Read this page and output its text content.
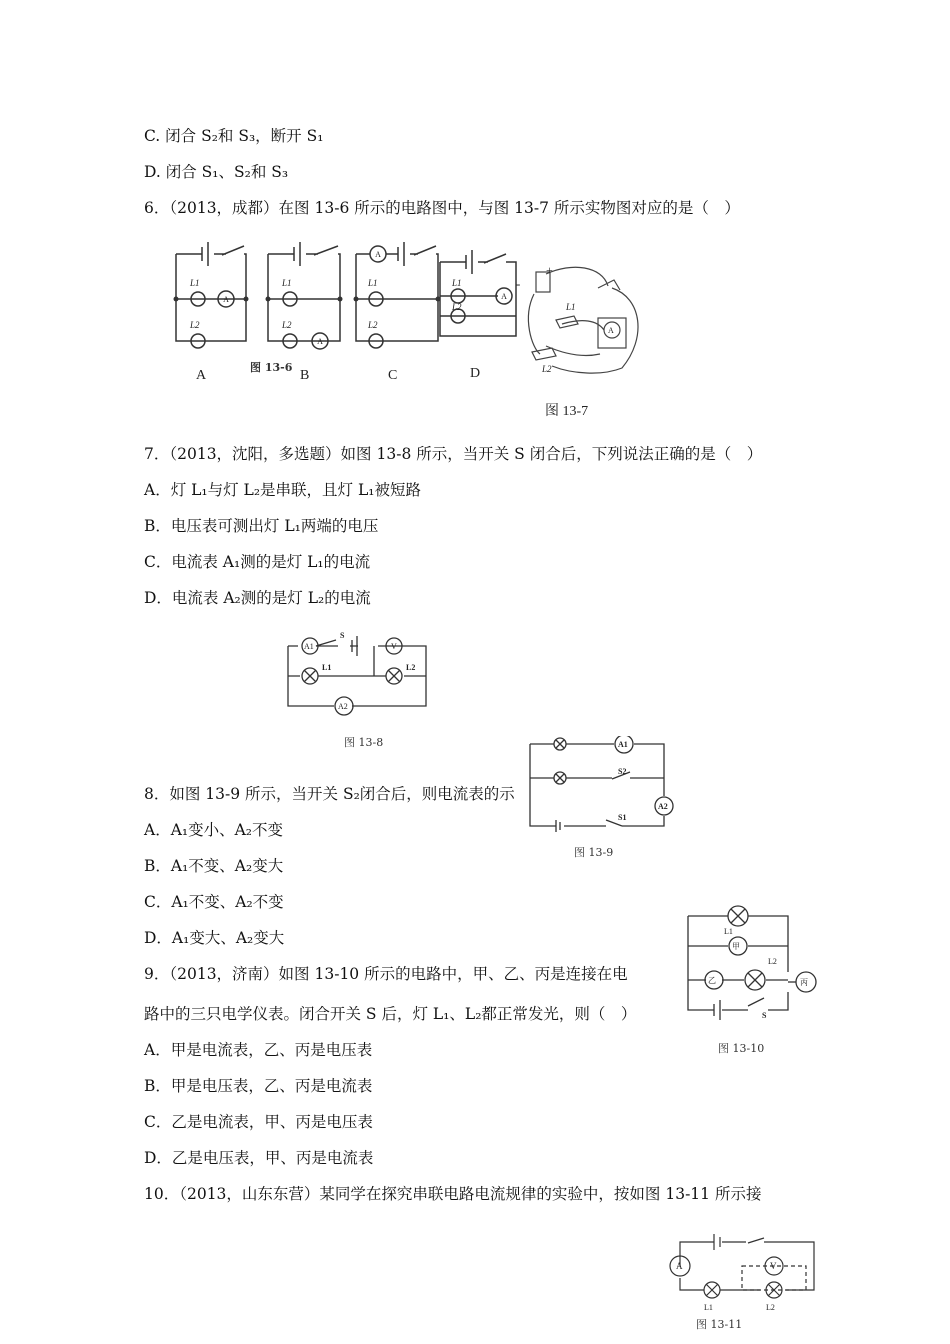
C. 闭合 S₂和 S₃，断开 S₁
D. 闭合 S₁、S₂和 S₃
6．（2013，成都）在图 13-6 所示的电路图中，与图 13-7 所示实物图对应的是（　）
7．（2013，沈阳，多选题）如图 13-8 所示，当开关 S 闭合后，下列说法正确的是（　）
A．灯 L₁与灯 L₂是串联，且灯 L₁被短路
B．电压表可测出灯 L₁两端的电压
C．电流表 A₁测的是灯 L₁的电流
D．电流表 A₂测的是灯 L₂的电流
8．如图 13-9 所示，当开关 S₂闭合后，则电流表的示
A．A₁变小、A₂不变
B．A₁不变、A₂变大
C．A₁不变、A₂不变
D．A₁变大、A₂变大
9．（2013，济南）如图 13-10 所示的电路中，甲、乙、丙是连接在电
路中的三只电学仪表。闭合开关 S 后，灯 L₁、L₂都正常发光，则（　）
A．甲是电流表，乙、丙是电压表
B．甲是电压表，乙、丙是电流表
C．乙是电流表，甲、丙是电压表
D．乙是电压表，甲、丙是电流表
10．（2013，山东东营）某同学在探究串联电路电流规律的实验中，按如图 13-11 所示接
L1
L2
L1
L2
L1
L2
L1
L2
A
A
A
A
图 13-6
A	B	C	D
-
+
L1
L2
A
图 13-7
A1	V
A2
S
L1	L2
图 13-8	A1
A2
S2
S1
图 13-9
甲
乙	丙
L1
L2
S
图 13-10
A	V
L1	L2
图 13-11
